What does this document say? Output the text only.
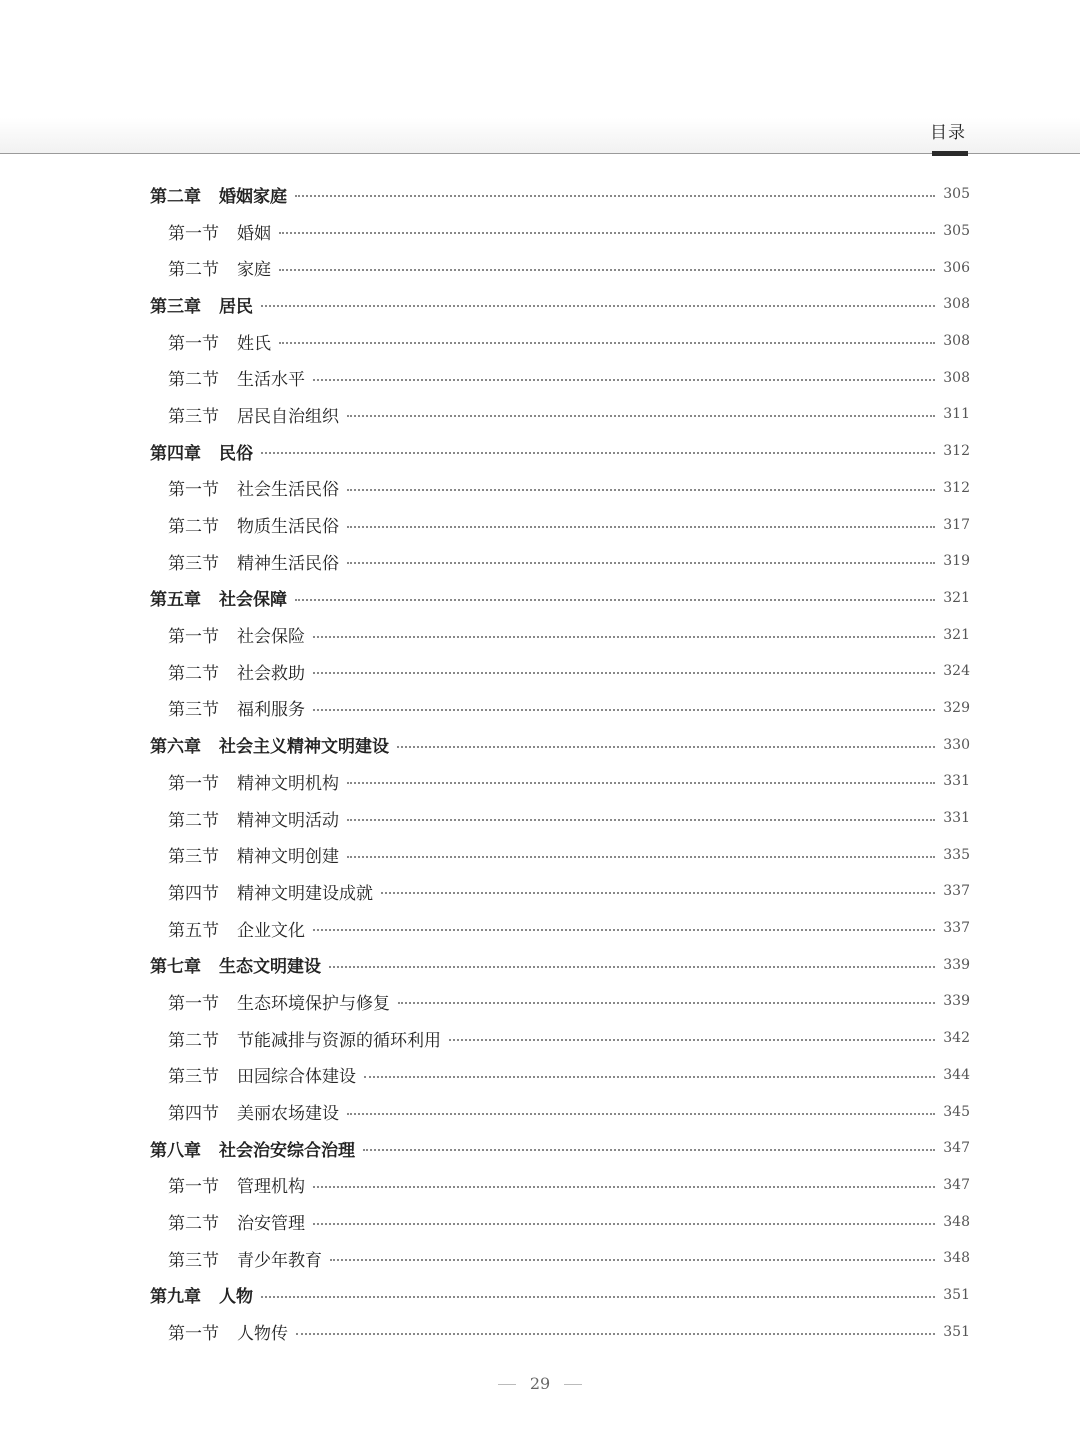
目录
第二章 婚姻家庭	305
第一节 婚姻	305
第二节 家庭	306
第三章 居民	308
第一节 姓氏	308
第二节 生活水平	308
第三节 居民自治组织	311
第四章 民俗	312
第一节 社会生活民俗	312
第二节 物质生活民俗	317
第三节 精神生活民俗	319
第五章 社会保障	321
第一节 社会保险	321
第二节 社会救助	324
第三节 福利服务	329
第六章 社会主义精神文明建设	330
第一节 精神文明机构	331
第二节 精神文明活动	331
第三节 精神文明创建	335
第四节 精神文明建设成就	337
第五节 企业文化	337
第七章 生态文明建设	339
第一节 生态环境保护与修复	339
第二节 节能减排与资源的循环利用	342
第三节 田园综合体建设	344
第四节 美丽农场建设	345
第八章 社会治安综合治理	347
第一节 管理机构	347
第二节 治安管理	348
第三节 青少年教育	348
第九章 人物	351
第一节 人物传	351
29
